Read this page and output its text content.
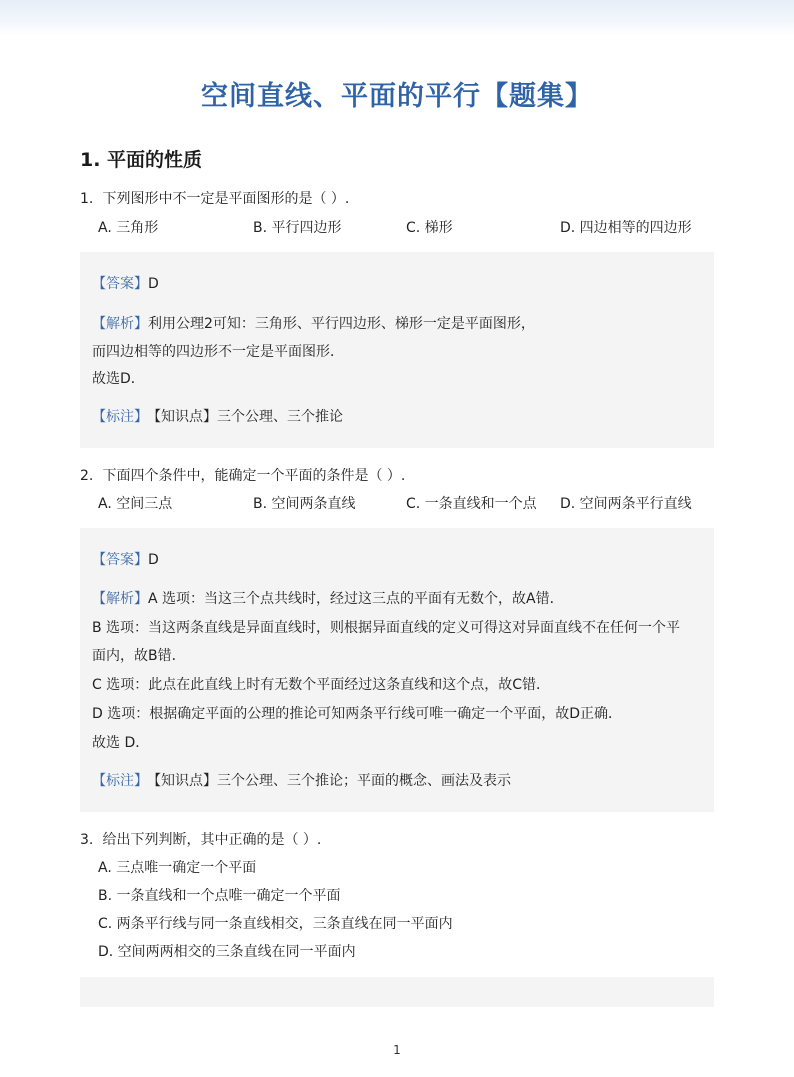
空间直线、平面的平行【题集】
1. 平面的性质
1. 下列图形中不一定是平面图形的是（ ）.
A. 三角形	B. 平行四边形	C. 梯形	D. 四边相等的四边形
【答案】D
【解析】利用公理2可知：三角形、平行四边形、梯形一定是平面图形，
而四边相等的四边形不一定是平面图形．
故选D．
【标注】 【知识点】三个公理、三个推论
2. 下面四个条件中，能确定一个平面的条件是（ ）.
A. 空间三点	B. 空间两条直线	C. 一条直线和一个点 D. 空间两条平行直线
【答案】D
【解析】A 选项：当这三个点共线时，经过这三点的平面有无数个，故A错．
B 选项：当这两条直线是异面直线时，则根据异面直线的定义可得这对异面直线不在任何一个平
面内，故B错．
C 选项：此点在此直线上时有无数个平面经过这条直线和这个点，故C错．
D 选项：根据确定平面的公理的推论可知两条平行线可唯一确定一个平面，故D正确．
故选 D．
【标注】 【知识点】三个公理、三个推论；平面的概念、画法及表示
3. 给出下列判断，其中正确的是（ ）.
A. 三点唯一确定一个平面
B. 一条直线和一个点唯一确定一个平面
C. 两条平行线与同一条直线相交，三条直线在同一平面内
D. 空间两两相交的三条直线在同一平面内
1
